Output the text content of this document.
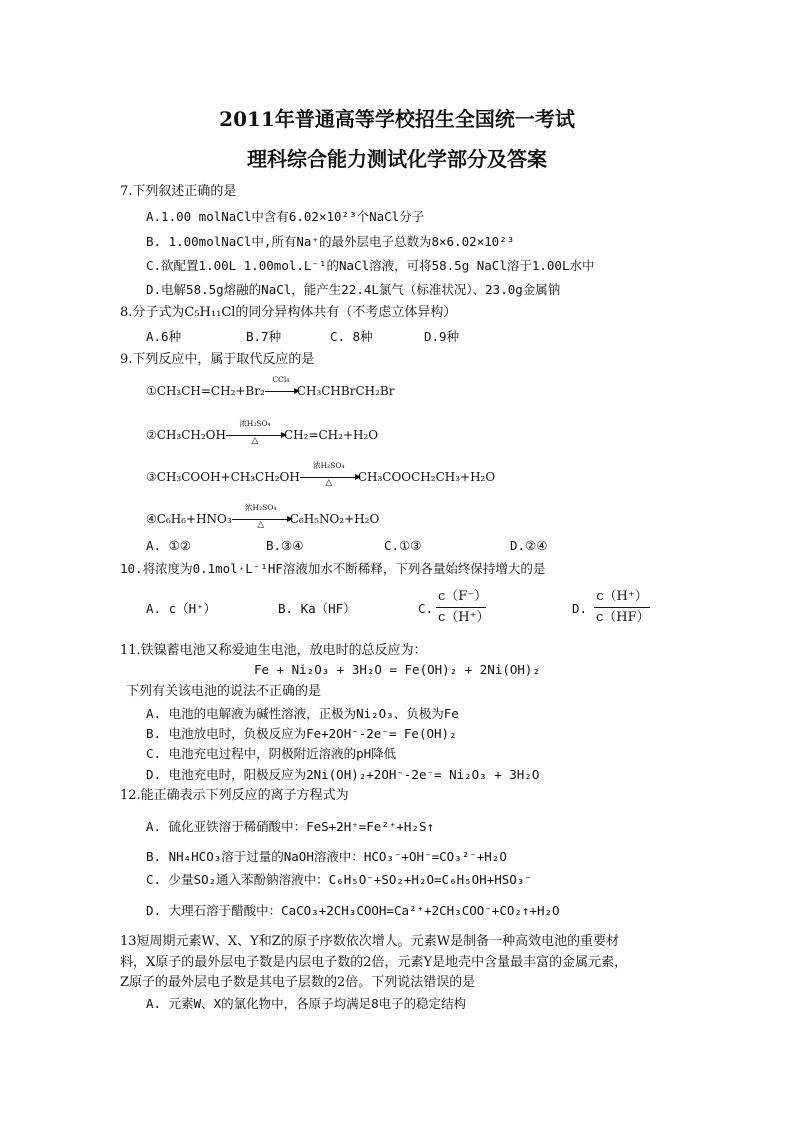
2011年普通高等学校招生全国统一考试
理科综合能力测试化学部分及答案
7.下列叙述正确的是
A.1.00 molNaCl中含有6.02×10²³个NaCl分子
B. 1.00molNaCl中,所有Na⁺的最外层电子总数为8×6.02×10²³
C.欲配置1.00L 1.00mol.L⁻¹的NaCl溶液，可将58.5g NaCl溶于1.00L水中
D.电解58.5g熔融的NaCl，能产生22.4L氯气（标准状况）、23.0g金属钠
8.分子式为C₅H₁₁Cl的同分异构体共有（不考虑立体异构）
A.6种	B.7种	C. 8种	D.9种
9.下列反应中，属于取代反应的是
①CH₃CH=CH₂+Br₂
CCl₄
CH₃CHBrCH₂Br
②CH₃CH₂OH
浓H₂SO₄
△	CH₂=CH₂+H₂O
③CH₃COOH+CH₃CH₂OH
浓H₂SO₄
△	CH₃COOCH₂CH₃+H₂O
④C₆H₆+HNO₃
浓H₂SO₄
△	C₆H₅NO₂+H₂O
A. ①②	B.③④	C.①③	D.②④
10.将浓度为0.1mol·L⁻¹HF溶液加水不断稀释，下列各量始终保持增大的是
A. c（H⁺）	B. Ka（HF）	C.
c（F⁻）
c（H⁺）
D.
c（H⁺）
c（HF）
11.铁镍蓄电池又称爱迪生电池，放电时的总反应为：
Fe + Ni₂O₃ + 3H₂O = Fe(OH)₂ + 2Ni(OH)₂
下列有关该电池的说法不正确的是
A. 电池的电解液为碱性溶液，正极为Ni₂O₃、负极为Fe
B. 电池放电时，负极反应为Fe+2OH⁻-2e⁻= Fe(OH)₂
C. 电池充电过程中，阴极附近溶液的pH降低
D. 电池充电时，阳极反应为2Ni(OH)₂+2OH⁻-2e⁻= Ni₂O₃ + 3H₂O
12.能正确表示下列反应的离子方程式为
A. 硫化亚铁溶于稀硝酸中：FeS+2H⁺=Fe²⁺+H₂S↑
B. NH₄HCO₃溶于过量的NaOH溶液中：HCO₃⁻+OH⁻=CO₃²⁻+H₂O
C. 少量SO₂通入苯酚钠溶液中：C₆H₅O⁻+SO₂+H₂O=C₆H₅OH+HSO₃⁻
D. 大理石溶于醋酸中：CaCO₃+2CH₃COOH=Ca²⁺+2CH₃COO⁻+CO₂↑+H₂O
13短周期元素W、X、Y和Z的原子序数依次增人。元素W是制备一种高效电池的重要材
料，X原子的最外层电子数是内层电子数的2倍，元素Y是地壳中含量最丰富的金属元素，
Z原子的最外层电子数是其电子层数的2倍。下列说法错误的是
A. 元素W、X的氯化物中，各原子均满足8电子的稳定结构
